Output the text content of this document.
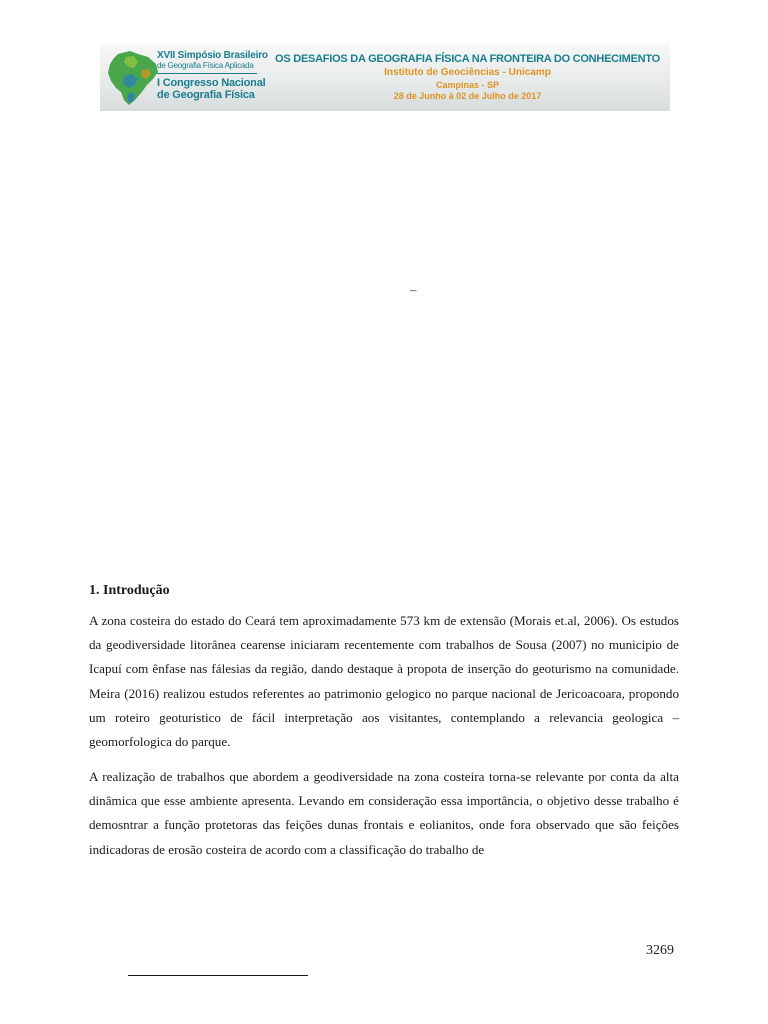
XVII Simpósio Brasileiro
de Geografia Física Aplicada
I Congresso Nacional
de Geografia Física
OS DESAFIOS DA GEOGRAFIA FÍSICA NA FRONTEIRA DO CONHECIMENTO
Instituto de Geociências - Unicamp
Campinas - SP
28 de Junho à 02 de Julho de 2017
–
1. Introdução

A zona costeira do estado do Ceará tem aproximadamente 573 km de extensão (Morais et.al, 2006). Os estudos da geodiversidade litorânea cearense iniciaram recentemente com trabalhos de Sousa (2007) no municipio de Icapuí com ênfase nas fálesias da região, dando destaque à propota de inserção do geoturismo na comunidade. Meira (2016) realizou estudos referentes ao patrimonio gelogico no parque nacional de Jericoacoara, propondo um roteiro geoturistico de fácil interpretação aos visitantes, contemplando a relevancia geologica – geomorfologica do parque.

A realização de trabalhos que abordem a geodiversidade na zona costeira torna-se relevante por conta da alta dinâmica que esse ambiente apresenta. Levando em consideração essa importância, o objetivo desse trabalho é demosntrar a função protetoras das feições dunas frontais e eolianitos, onde fora observado que são feições indicadoras de erosão costeira de acordo com a classificação do trabalho de

3269
